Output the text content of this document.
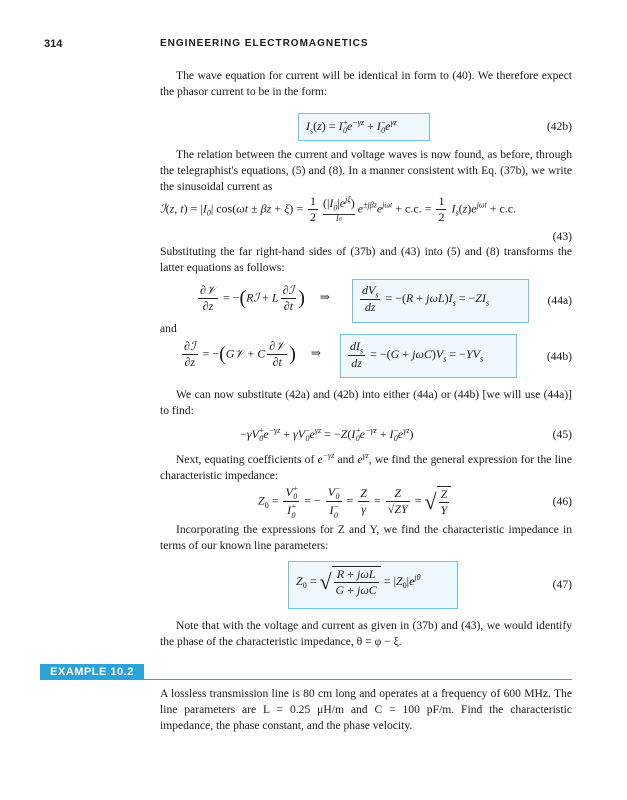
314	ENGINEERING ELECTROMAGNETICS
The wave equation for current will be identical in form to (40). We therefore expect the phasor current to be in the form:
$I_s(z) = I^+_0e^{-\gamma z} + I^-_0e^{\gamma z}$	(42b)
The relation between the current and voltage waves is now found, as before, through the telegraphist's equations, (5) and (8). In a manner consistent with Eq. (37b), we write the sinusoidal current as
ℐ(z, $t) = |I_0|$ $\cos(\omega t \pm \beta z + \xi) = \frac{1}{2}$
$(|I_0|e^{j\xi})$
I0
$e^{\pm j\beta z}e^{j\omega t} + c.c$. = $\frac{1}{2} I_s(z)e^{j\omega t} + c.c$.
(43)
Substituting the far right-hand sides of (37b) and (43) into (5) and (8) transforms the latter equations as follows:
$\frac{\text{∂𝒱}}{\partial z}$ = −(Rℐ + L $\frac{\text{∂ℐ}}{\partial t}$ ) ⇒	$\frac{dV_s}{dz} = -(R + j\omega L)I_s = -ZI_s$	(44a)
and
$\frac{\text{∂ℐ}}{\partial z}$ = −(G𝒱 + C $\frac{\text{∂𝒱}}{\partial t}$ ) ⇒ $\frac{dI_s}{dz} = -(G + j\omega C)V_s = -YV_s$	(44b)
We can now substitute (42a) and (42b) into either (44a) or (44b) [we will use (44a)] to find:
$-\gamma V^+_0e^{-\gamma z} + \gamma V^-_0e^{\gamma z} = -Z(I^+_0e^{-\gamma z} + I^-_0e^{\gamma z})$	(45)
Next, equating coefficients of $e^{-\gamma z}$ and $e^{\gamma z}$, we find the general expression for the line characteristic impedance:
$Z_0 = \frac{V^+_0}{I^+_0}$ = − $\frac{V^-_0}{I^-_0} = \frac{Z}{\gamma} = \frac{Z}{√ZY}$ = √ $\frac{Z}{Y}$	(46)
Incorporating the expressions for Z and Y, we find the characteristic impedance in terms of our known line parameters:
$Z_0$ = √ $\frac{\text{R + jωL}}{\text{G + jωC}} = |Z_0|e^{j\theta}$
(47)
Note that with the voltage and current as given in (37b) and (43), we would identify the phase of the characteristic impedance, θ = φ − ξ.
EXAMPLE 10.2
A lossless transmission line is 80 cm long and operates at a frequency of 600 MHz. The line parameters are L = 0.25 μH/m and C = 100 pF/m. Find the characteristic impedance, the phase constant, and the phase velocity.
